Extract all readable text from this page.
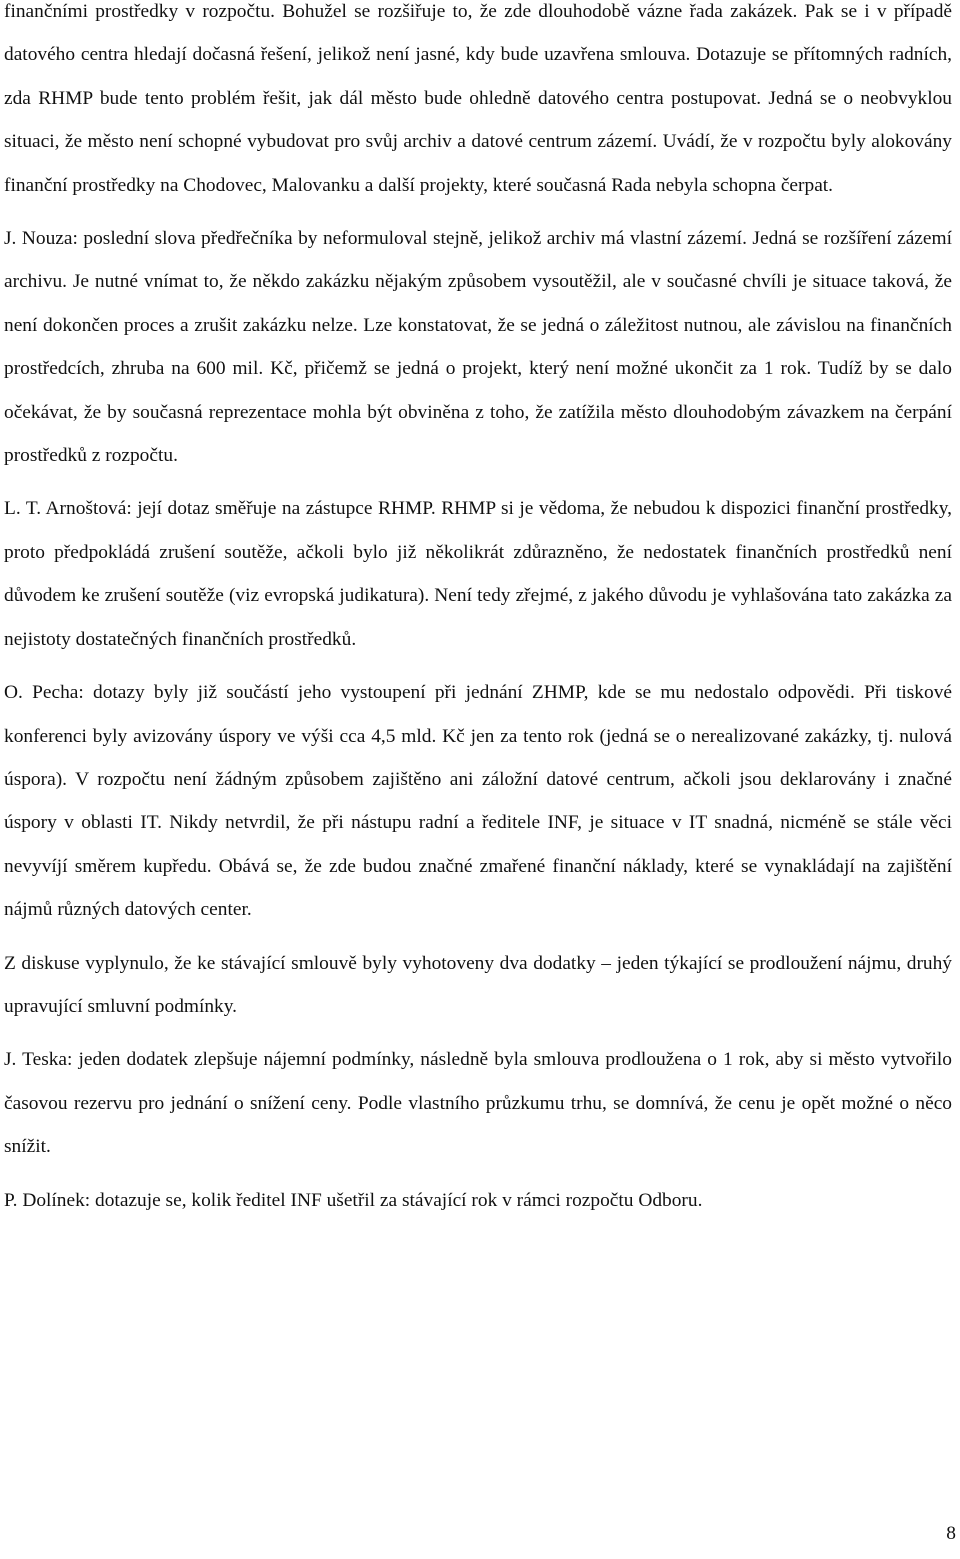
finančními prostředky v rozpočtu. Bohužel se rozšiřuje to, že zde dlouhodobě vázne řada zakázek. Pak se i v případě datového centra hledají dočasná řešení, jelikož není jasné, kdy bude uzavřena smlouva. Dotazuje se přítomných radních, zda RHMP bude tento problém řešit, jak dál město bude ohledně datového centra postupovat. Jedná se o neobvyklou situaci, že město není schopné vybudovat pro svůj archiv a datové centrum zázemí. Uvádí, že v rozpočtu byly alokovány finanční prostředky na Chodovec, Malovanku a další projekty, které současná Rada nebyla schopna čerpat.

J. Nouza: poslední slova předřečníka by neformuloval stejně, jelikož archiv má vlastní zázemí. Jedná se rozšíření zázemí archivu. Je nutné vnímat to, že někdo zakázku nějakým způsobem vysoutěžil, ale v současné chvíli je situace taková, že není dokončen proces a zrušit zakázku nelze. Lze konstatovat, že se jedná o záležitost nutnou, ale závislou na finančních prostředcích, zhruba na 600 mil. Kč, přičemž se jedná o projekt, který není možné ukončit za 1 rok. Tudíž by se dalo očekávat, že by současná reprezentace mohla být obviněna z toho, že zatížila město dlouhodobým závazkem na čerpání prostředků z rozpočtu.

L. T. Arnoštová: její dotaz směřuje na zástupce RHMP. RHMP si je vědoma, že nebudou k dispozici finanční prostředky, proto předpokládá zrušení soutěže, ačkoli bylo již několikrát zdůrazněno, že nedostatek finančních prostředků není důvodem ke zrušení soutěže (viz evropská judikatura). Není tedy zřejmé, z jakého důvodu je vyhlašována tato zakázka za nejistoty dostatečných finančních prostředků.

O. Pecha: dotazy byly již součástí jeho vystoupení při jednání ZHMP, kde se mu nedostalo odpovědi. Při tiskové konferenci byly avizovány úspory ve výši cca 4,5 mld. Kč jen za tento rok (jedná se o nerealizované zakázky, tj. nulová úspora). V rozpočtu není žádným způsobem zajištěno ani záložní datové centrum, ačkoli jsou deklarovány i značné úspory v oblasti IT. Nikdy netvrdil, že při nástupu radní a ředitele INF, je situace v IT snadná, nicméně se stále věci nevyvíjí směrem kupředu. Obává se, že zde budou značné zmařené finanční náklady, které se vynakládají na zajištění nájmů různých datových center.

Z diskuse vyplynulo, že ke stávající smlouvě byly vyhotoveny dva dodatky – jeden týkající se prodloužení nájmu, druhý upravující smluvní podmínky.

J. Teska: jeden dodatek zlepšuje nájemní podmínky, následně byla smlouva prodloužena o 1 rok, aby si město vytvořilo časovou rezervu pro jednání o snížení ceny. Podle vlastního průzkumu trhu, se domnívá, že cenu je opět možné o něco snížit.

P. Dolínek: dotazuje se, kolik ředitel INF ušetřil za stávající rok v rámci rozpočtu Odboru.

8
